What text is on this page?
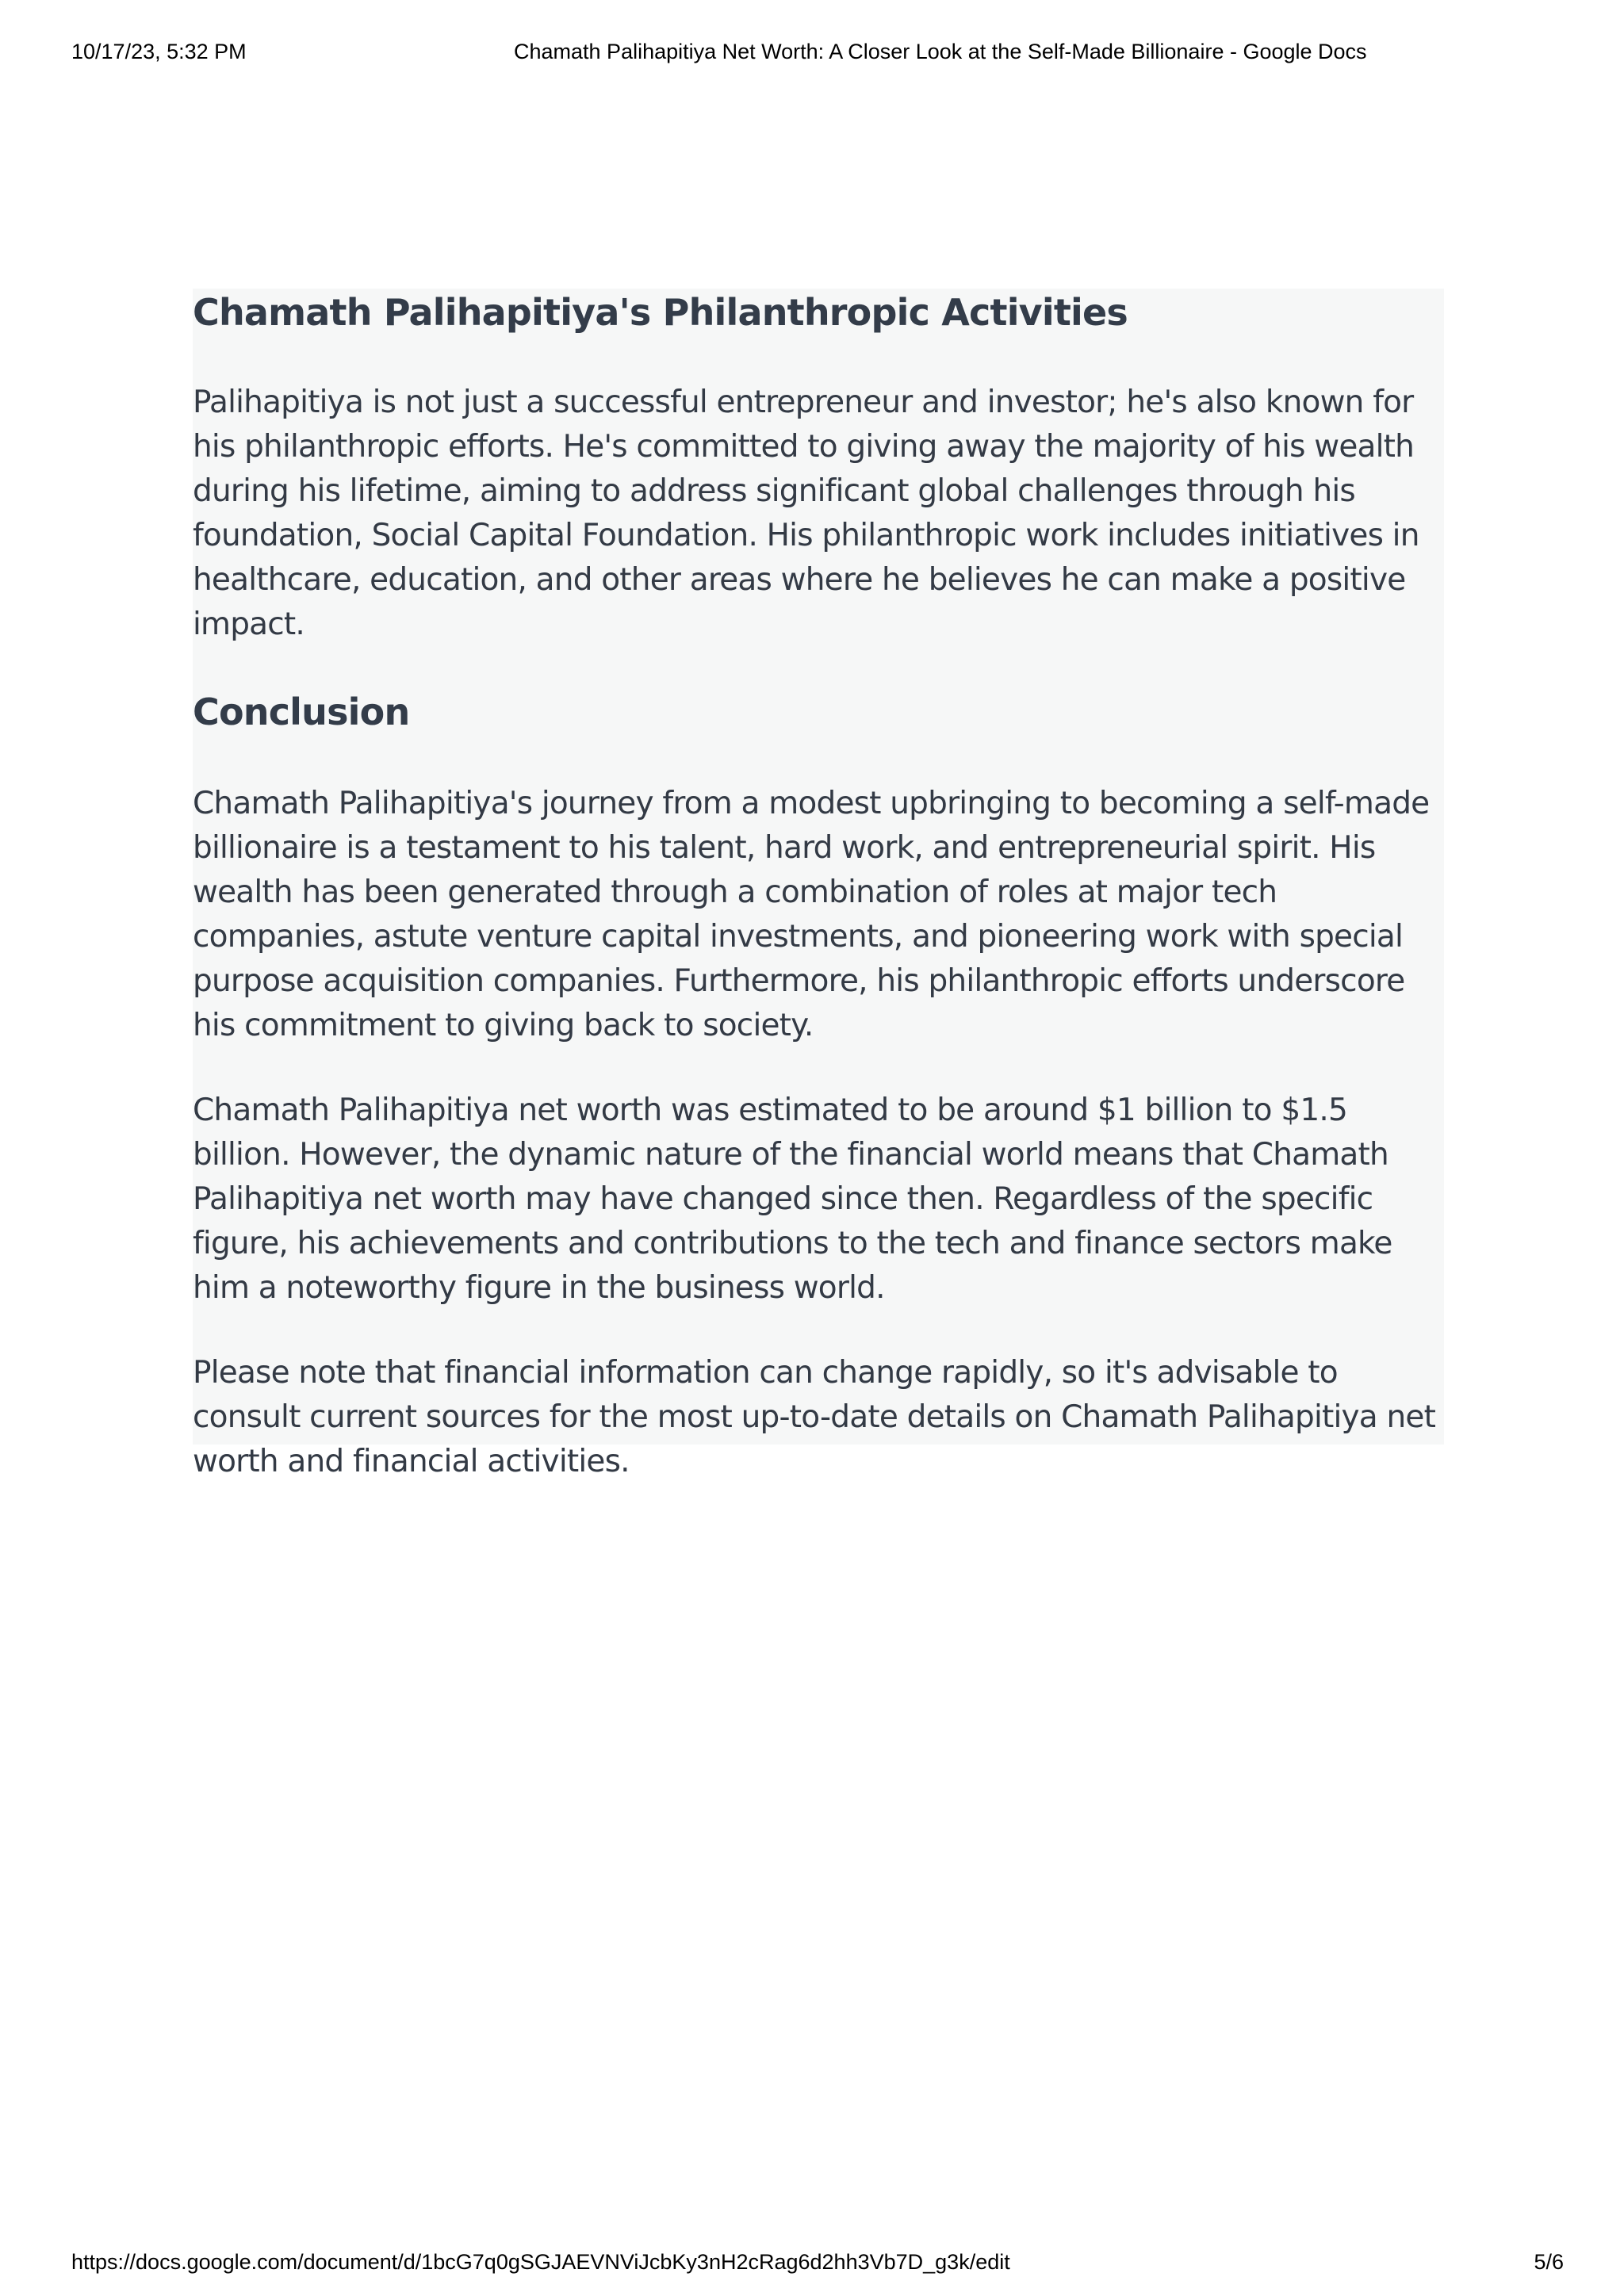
10/17/23, 5:32 PM	Chamath Palihapitiya Net Worth: A Closer Look at the Self-Made Billionaire - Google Docs
Chamath Palihapitiya's Philanthropic Activities

Palihapitiya is not just a successful entrepreneur and investor; he's also known for his philanthropic efforts. He's committed to giving away the majority of his wealth during his lifetime, aiming to address significant global challenges through his foundation, Social Capital Foundation. His philanthropic work includes initiatives in healthcare, education, and other areas where he believes he can make a positive impact.

Conclusion

Chamath Palihapitiya's journey from a modest upbringing to becoming a self-made billionaire is a testament to his talent, hard work, and entrepreneurial spirit. His wealth has been generated through a combination of roles at major tech companies, astute venture capital investments, and pioneering work with special purpose acquisition companies. Furthermore, his philanthropic efforts underscore his commitment to giving back to society.

Chamath Palihapitiya net worth was estimated to be around $1 billion to $1.5 billion. However, the dynamic nature of the financial world means that Chamath Palihapitiya net worth may have changed since then. Regardless of the specific figure, his achievements and contributions to the tech and finance sectors make him a noteworthy figure in the business world.

Please note that financial information can change rapidly, so it's advisable to consult current sources for the most up-to-date details on Chamath Palihapitiya net worth and financial activities.

https://docs.google.com/document/d/1bcG7q0gSGJAEVNViJcbKy3nH2cRag6d2hh3Vb7D_g3k/edit	5/6
